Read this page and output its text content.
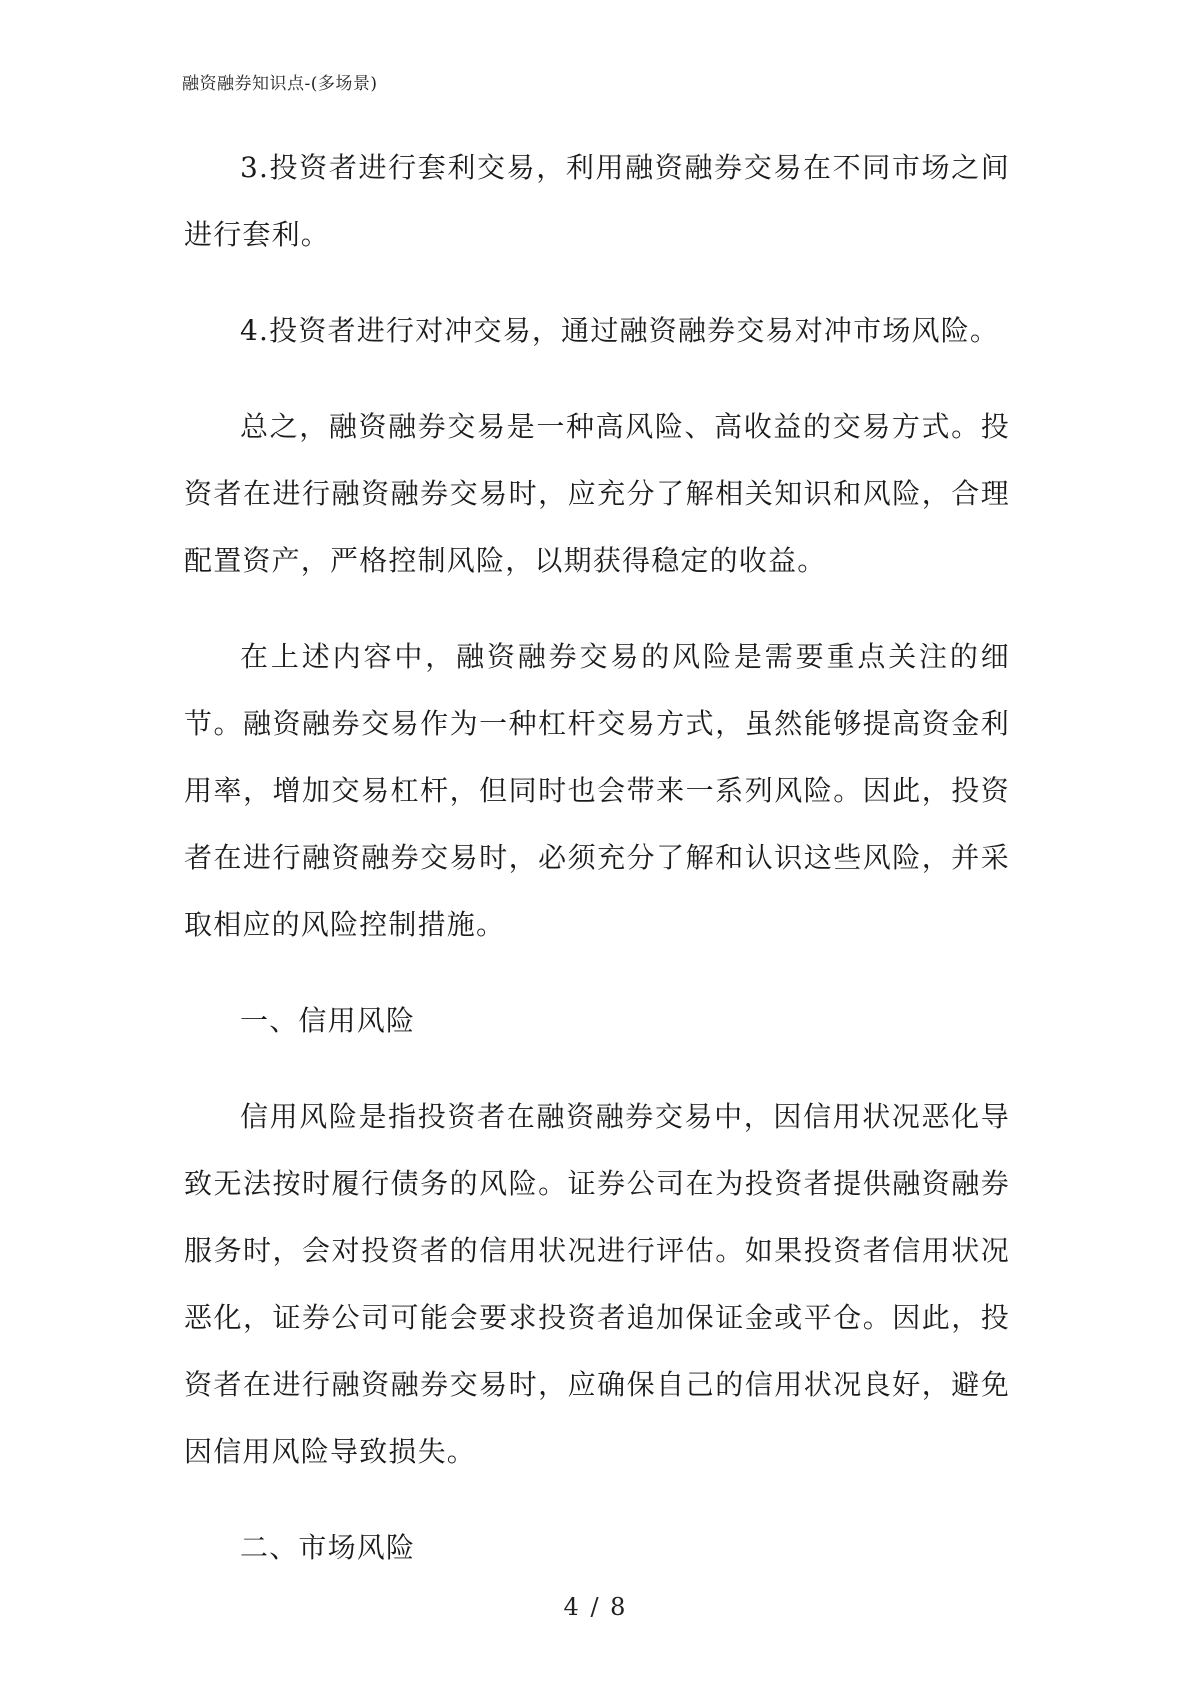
融资融券知识点-(多场景)

3.投资者进行套利交易，利用融资融券交易在不同市场之间进行套利。

4.投资者进行对冲交易，通过融资融券交易对冲市场风险。

总之，融资融券交易是一种高风险、高收益的交易方式。投资者在进行融资融券交易时，应充分了解相关知识和风险，合理配置资产，严格控制风险，以期获得稳定的收益。

在上述内容中，融资融券交易的风险是需要重点关注的细节。融资融券交易作为一种杠杆交易方式，虽然能够提高资金利用率，增加交易杠杆，但同时也会带来一系列风险。因此，投资者在进行融资融券交易时，必须充分了解和认识这些风险，并采取相应的风险控制措施。

一、信用风险

信用风险是指投资者在融资融券交易中，因信用状况恶化导致无法按时履行债务的风险。证券公司在为投资者提供融资融券服务时，会对投资者的信用状况进行评估。如果投资者信用状况恶化，证券公司可能会要求投资者追加保证金或平仓。因此，投资者在进行融资融券交易时，应确保自己的信用状况良好，避免因信用风险导致损失。

二、市场风险

4 / 8
